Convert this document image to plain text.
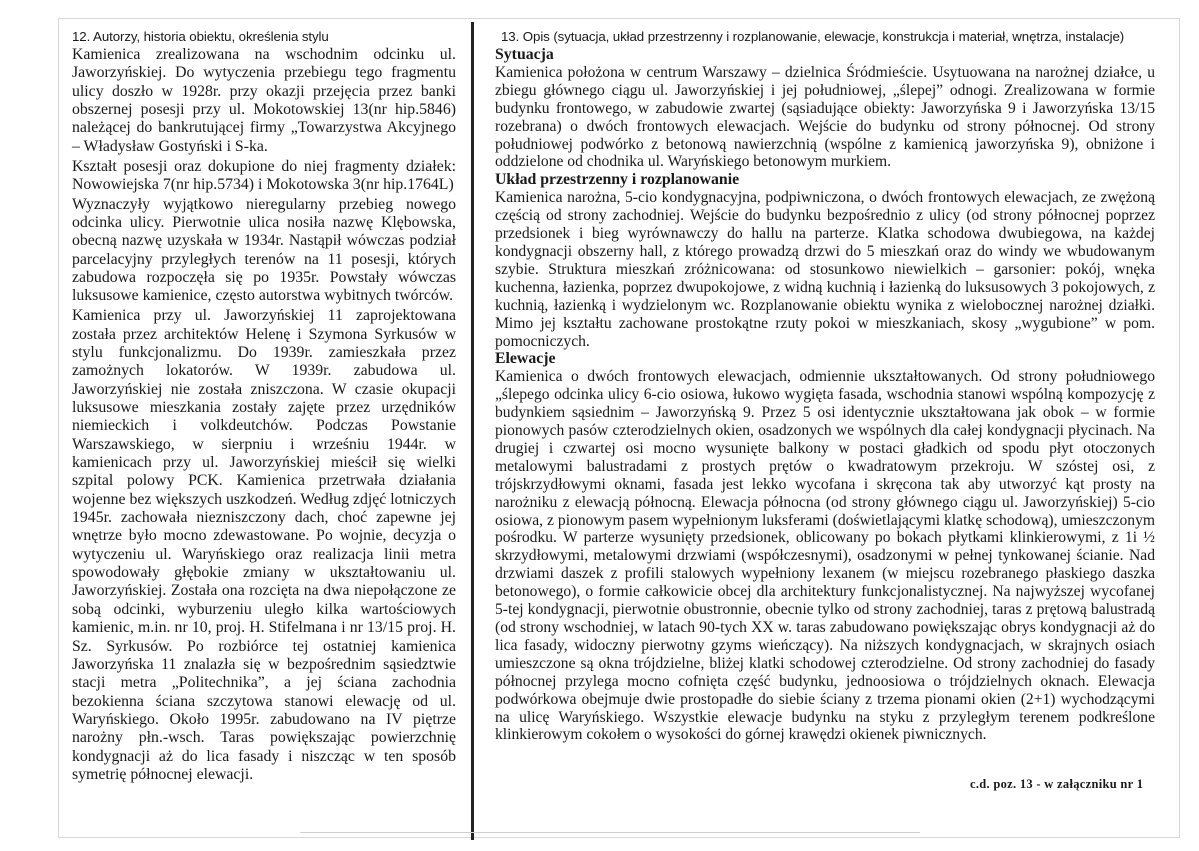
12. Autorzy, historia obiektu, określenia stylu

Kamienica zrealizowana na wschodnim odcinku ul. Jaworzyńskiej. Do wytyczenia przebiegu tego fragmentu ulicy doszło w 1928r. przy okazji przejęcia przez banki obszernej posesji przy ul. Mokotowskiej 13(nr hip.5846) należącej do bankrutującej firmy „Towarzystwa Akcyjnego – Władysław Gostyński i S-ka.

Kształt posesji oraz dokupione do niej fragmenty działek: Nowowiejska 7(nr hip.5734) i Mokotowska 3(nr hip.1764L)

Wyznaczyły wyjątkowo nieregularny przebieg nowego odcinka ulicy. Pierwotnie ulica nosiła nazwę Klębowska, obecną nazwę uzyskała w 1934r. Nastąpił wówczas podział parcelacyjny przyległych terenów na 11 posesji, których zabudowa rozpoczęła się po 1935r. Powstały wówczas luksusowe kamienice, często autorstwa wybitnych twórców.

Kamienica przy ul. Jaworzyńskiej 11 zaprojektowana została przez architektów Helenę i Szymona Syrkusów w stylu funkcjonalizmu. Do 1939r. zamieszkała przez zamożnych lokatorów. W 1939r. zabudowa ul. Jaworzyńskiej nie została zniszczona. W czasie okupacji luksusowe mieszkania zostały zajęte przez urzędników niemieckich i volkdeutchów. Podczas Powstanie Warszawskiego, w sierpniu i wrześniu 1944r. w kamienicach przy ul. Jaworzyńskiej mieścił się wielki szpital polowy PCK. Kamienica przetrwała działania wojenne bez większych uszkodzeń. Według zdjęć lotniczych 1945r. zachowała niezniszczony dach, choć zapewne jej wnętrze było mocno zdewastowane. Po wojnie, decyzja o wytyczeniu ul. Waryńskiego oraz realizacja linii metra spowodowały głębokie zmiany w ukształtowaniu ul. Jaworzyńskiej. Została ona rozcięta na dwa niepołączone ze sobą odcinki, wyburzeniu uległo kilka wartościowych kamienic, m.in. nr 10, proj. H. Stifelmana i nr 13/15 proj. H. Sz. Syrkusów. Po rozbiórce tej ostatniej kamienica Jaworzyńska 11 znalazła się w bezpośrednim sąsiedztwie stacji metra „Politechnika”, a jej ściana zachodnia bezokienna ściana szczytowa stanowi elewację od ul. Waryńskiego. Około 1995r. zabudowano na IV piętrze narożny płn.-wsch. Taras powiększając powierzchnię kondygnacji aż do lica fasady i niszcząc w ten sposób symetrię północnej elewacji.

13. Opis (sytuacja, układ przestrzenny i rozplanowanie, elewacje, konstrukcja i materiał, wnętrza, instalacje)
Sytuacja

Kamienica położona w centrum Warszawy – dzielnica Śródmieście. Usytuowana na narożnej działce, u zbiegu głównego ciągu ul. Jaworzyńskiej i jej południowej, „ślepej” odnogi. Zrealizowana w formie budynku frontowego, w zabudowie zwartej (sąsiadujące obiekty: Jaworzyńska 9 i Jaworzyńska 13/15 rozebrana) o dwóch frontowych elewacjach. Wejście do budynku od strony północnej. Od strony południowej podwórko z betonową nawierzchnią (wspólne z kamienicą jaworzyńska 9), obniżone i oddzielone od chodnika ul. Waryńskiego betonowym murkiem.

Układ przestrzenny i rozplanowanie

Kamienica narożna, 5-cio kondygnacyjna, podpiwniczona, o dwóch frontowych elewacjach, ze zwężoną częścią od strony zachodniej. Wejście do budynku bezpośrednio z ulicy (od strony północnej poprzez przedsionek i bieg wyrównawczy do hallu na parterze. Klatka schodowa dwubiegowa, na każdej kondygnacji obszerny hall, z którego prowadzą drzwi do 5 mieszkań oraz do windy we wbudowanym szybie. Struktura mieszkań zróżnicowana: od stosunkowo niewielkich – garsonier: pokój, wnęka kuchenna, łazienka, poprzez dwupokojowe, z widną kuchnią i łazienką do luksusowych 3 pokojowych, z kuchnią, łazienką i wydzielonym wc. Rozplanowanie obiektu wynika z wielobocznej narożnej działki. Mimo jej kształtu zachowane prostokątne rzuty pokoi w mieszkaniach, skosy „wygubione” w pom. pomocniczych.

Elewacje

Kamienica o dwóch frontowych elewacjach, odmiennie ukształtowanych. Od strony południowego „ślepego odcinka ulicy 6-cio osiowa, łukowo wygięta fasada, wschodnia stanowi wspólną kompozycję z budynkiem sąsiednim – Jaworzyńską 9. Przez 5 osi identycznie ukształtowana jak obok – w formie pionowych pasów czterodzielnych okien, osadzonych we wspólnych dla całej kondygnacji płycinach. Na drugiej i czwartej osi mocno wysunięte balkony w postaci gładkich od spodu płyt otoczonych metalowymi balustradami z prostych prętów o kwadratowym przekroju. W szóstej osi, z trójskrzydłowymi oknami, fasada jest lekko wycofana i skręcona tak aby utworzyć kąt prosty na narożniku z elewacją północną. Elewacja północna (od strony głównego ciągu ul. Jaworzyńskiej) 5-cio osiowa, z pionowym pasem wypełnionym luksferami (doświetlającymi klatkę schodową), umieszczonym pośrodku. W parterze wysunięty przedsionek, oblicowany po bokach płytkami klinkierowymi, z 1i ½ skrzydłowymi, metalowymi drzwiami (współczesnymi), osadzonymi w pełnej tynkowanej ścianie. Nad drzwiami daszek z profili stalowych wypełniony lexanem (w miejscu rozebranego płaskiego daszka betonowego), o formie całkowicie obcej dla architektury funkcjonalistycznej. Na najwyższej wycofanej 5-tej kondygnacji, pierwotnie obustronnie, obecnie tylko od strony zachodniej, taras z prętową balustradą (od strony wschodniej, w latach 90-tych XX w. taras zabudowano powiększając obrys kondygnacji aż do lica fasady, widoczny pierwotny gzyms wieńczący). Na niższych kondygnacjach, w skrajnych osiach umieszczone są okna trójdzielne, bliżej klatki schodowej czterodzielne. Od strony zachodniej do fasady północnej przylega mocno cofnięta część budynku, jednoosiowa o trójdzielnych oknach. Elewacja podwórkowa obejmuje dwie prostopadłe do siebie ściany z trzema pionami okien (2+1) wychodzącymi na ulicę Waryńskiego. Wszystkie elewacje budynku na styku z przyległym terenem podkreślone klinkierowym cokołem o wysokości do górnej krawędzi okienek piwnicznych.

c.d. poz. 13 - w załączniku nr 1
